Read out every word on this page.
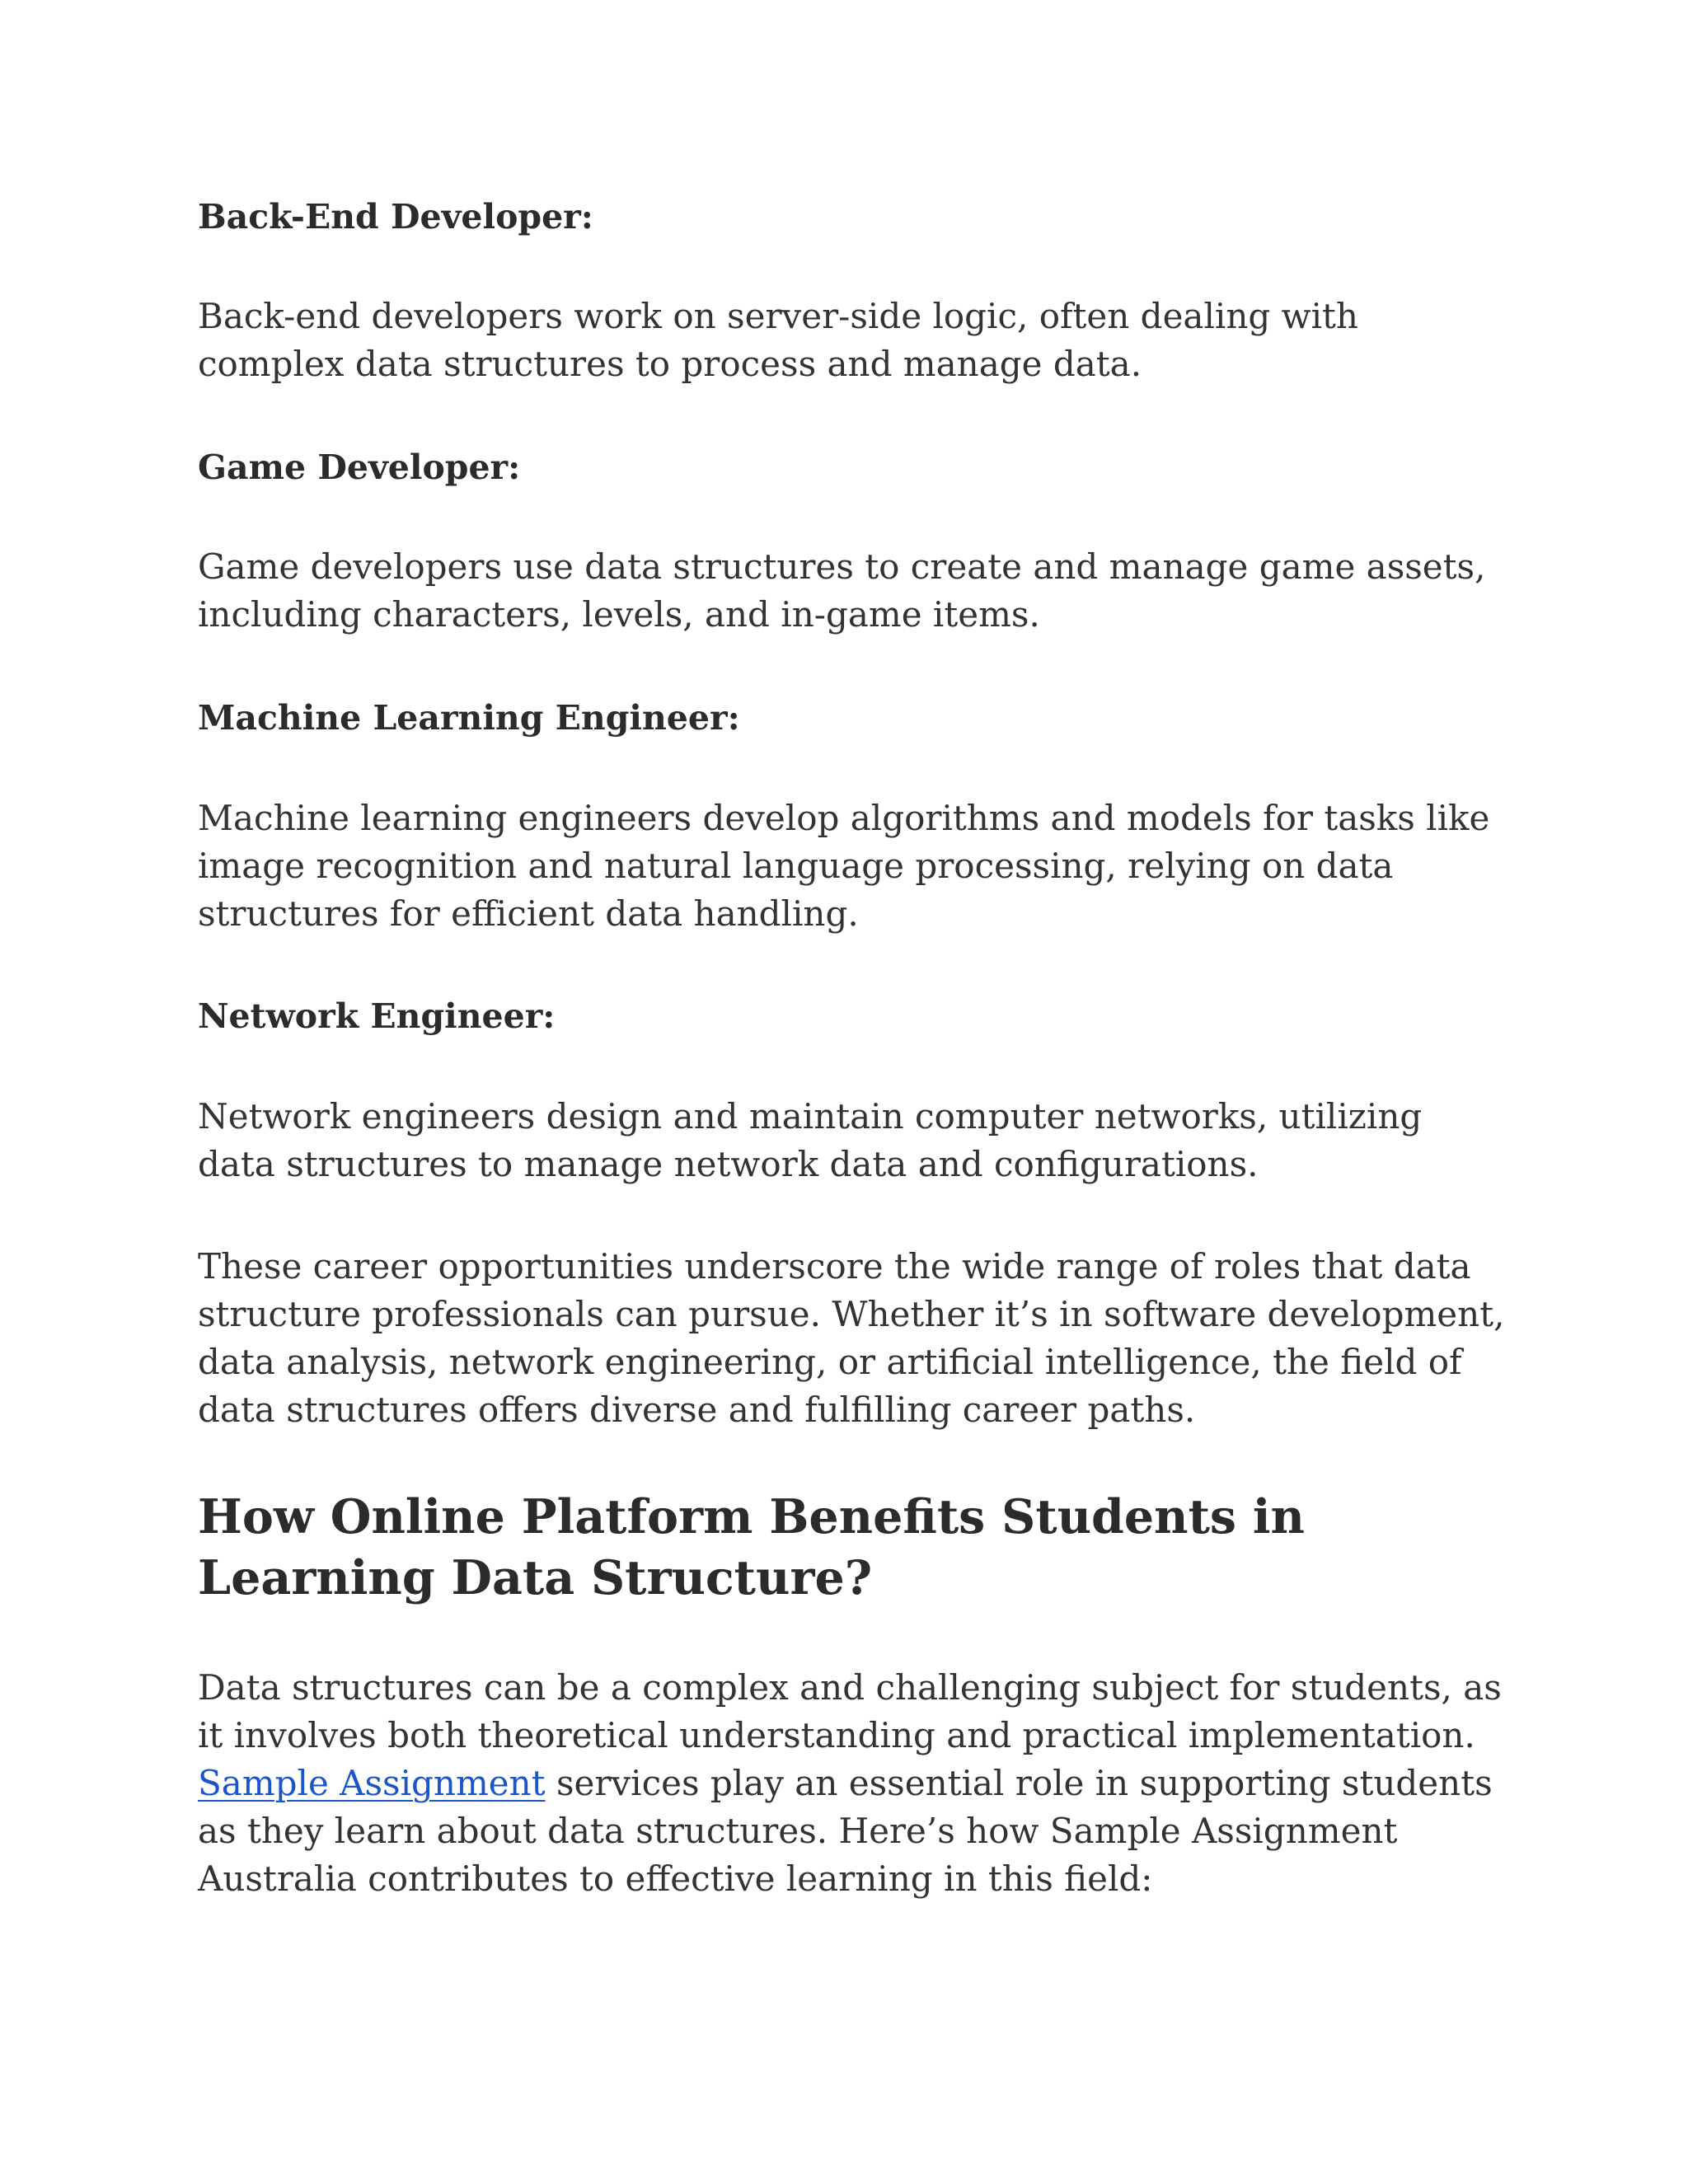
Back-End Developer:

Back-end developers work on server-side logic, often dealing with complex data structures to process and manage data.

Game Developer:

Game developers use data structures to create and manage game assets, including characters, levels, and in-game items.

Machine Learning Engineer:

Machine learning engineers develop algorithms and models for tasks like image recognition and natural language processing, relying on data structures for efficient data handling.

Network Engineer:

Network engineers design and maintain computer networks, utilizing data structures to manage network data and configurations.

These career opportunities underscore the wide range of roles that data structure professionals can pursue. Whether it’s in software development, data analysis, network engineering, or artificial intelligence, the field of data structures offers diverse and fulfilling career paths.

How Online Platform Benefits Students in Learning Data Structure?

Data structures can be a complex and challenging subject for students, as it involves both theoretical understanding and practical implementation. Sample Assignment services play an essential role in supporting students as they learn about data structures. Here’s how Sample Assignment Australia contributes to effective learning in this field:
